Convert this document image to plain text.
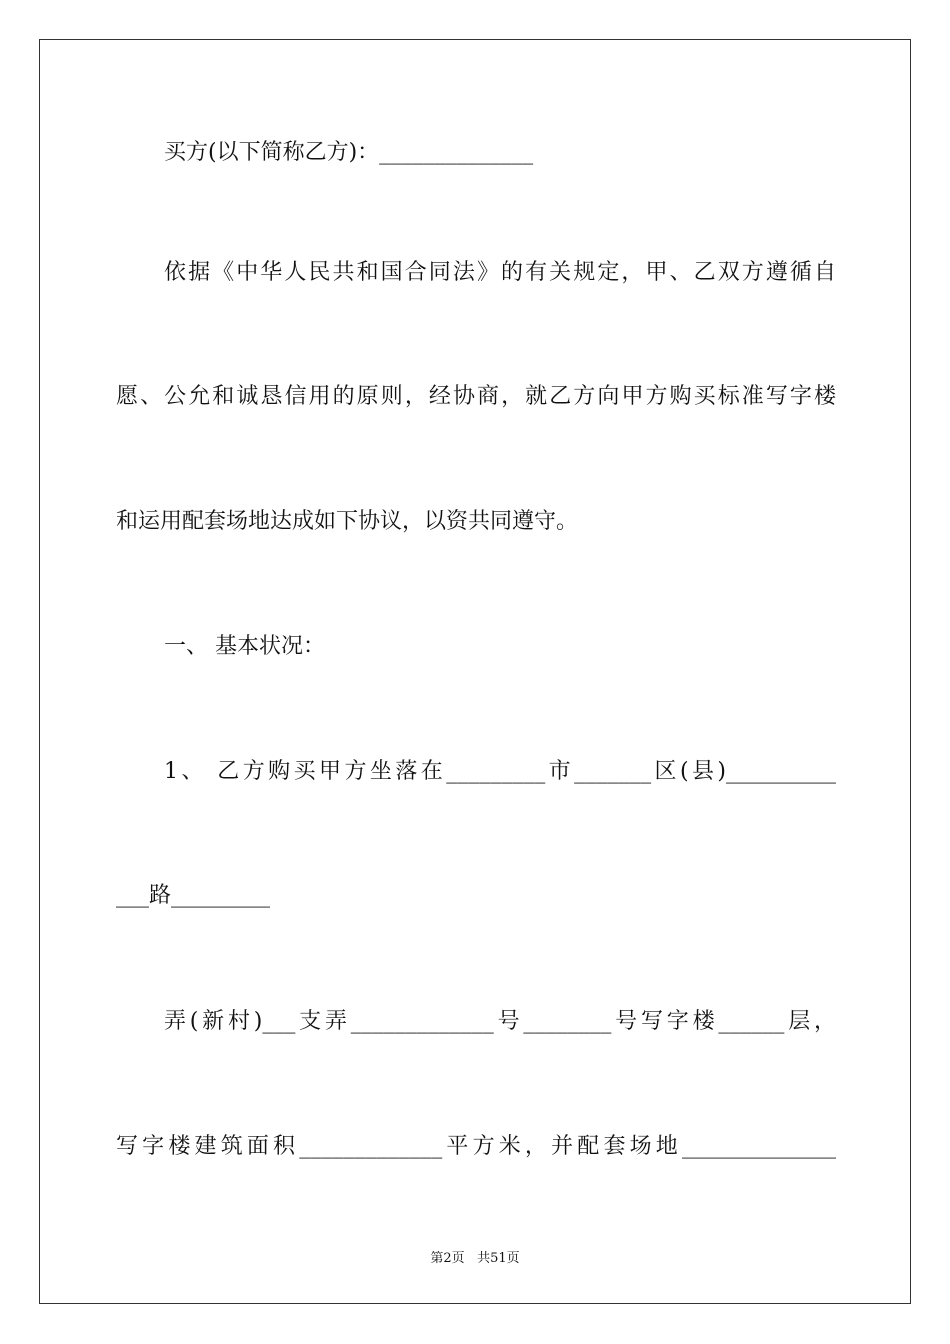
买方(以下简称乙方)：______________
依据《中华人民共和国合同法》的有关规定，甲、乙双方遵循自
愿、公允和诚恳信用的原则，经协商，就乙方向甲方购买标准写字楼
和运用配套场地达成如下协议，以资共同遵守。
一、 基本状况：
1、 乙方购买甲方坐落在_________市_______区(县)__________
___路_________
弄(新村)___支弄_____________号________号写字楼______层，
写字楼建筑面积_____________平方米，并配套场地______________
第2页 共51页
